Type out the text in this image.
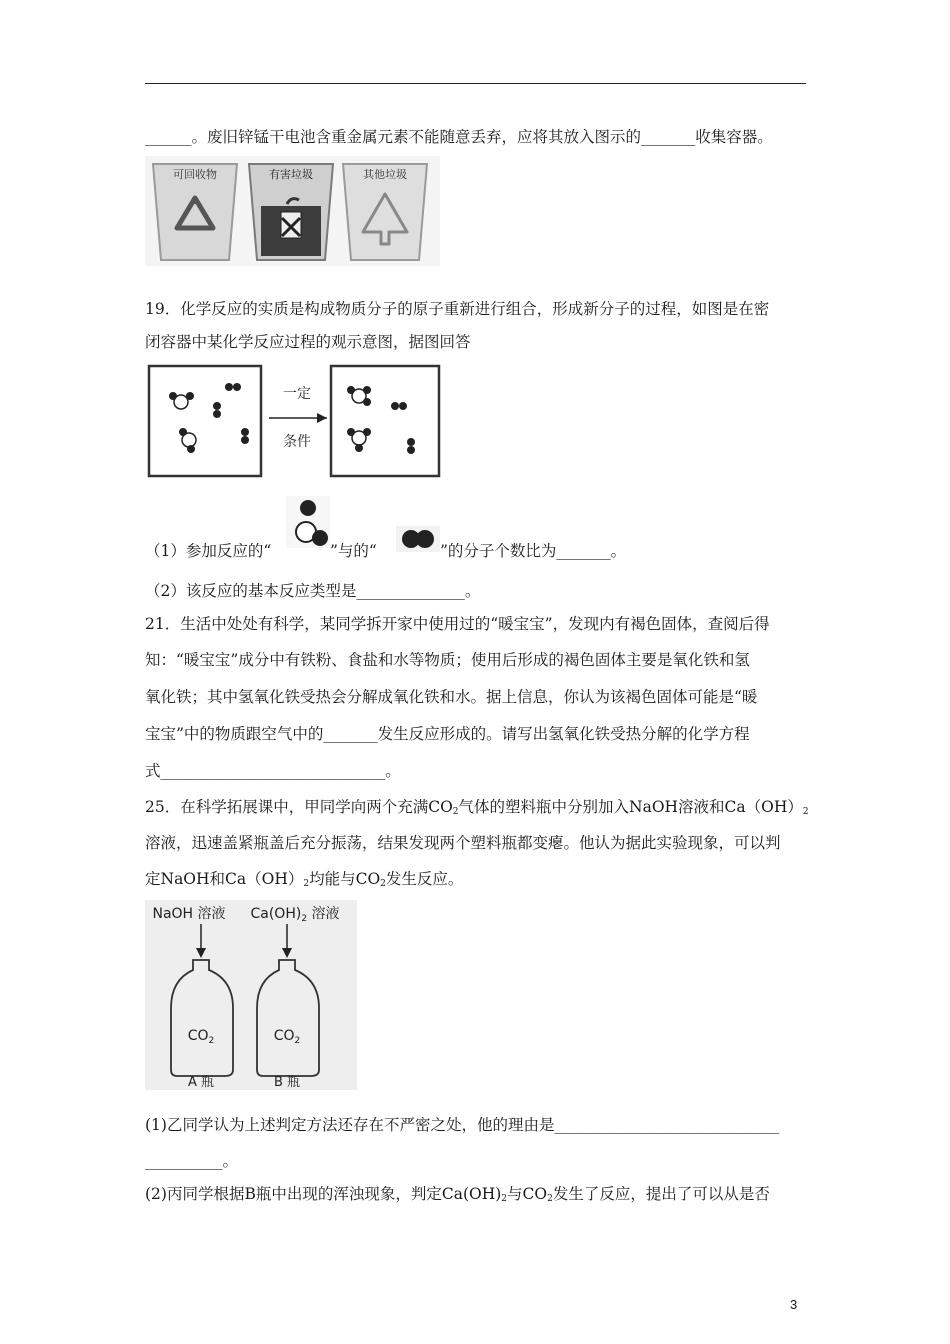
______。废旧锌锰干电池含重金属元素不能随意丢弃，应将其放入图示的_______收集容器。
可回收物	有害垃圾	其他垃圾
19．化学反应的实质是构成物质分子的原子重新进行组合，形成新分子的过程，如图是在密
闭容器中某化学反应过程的观示意图，据图回答
一定
条件
（1）参加反应的“	”与的“	”的分子个数比为_______。
（2）该反应的基本反应类型是______________。
21．生活中处处有科学，某同学拆开家中使用过的“暖宝宝”，发现内有褐色固体，查阅后得
知：“暖宝宝”成分中有铁粉、食盐和水等物质；使用后形成的褐色固体主要是氧化铁和氢
氧化铁；其中氢氧化铁受热会分解成氧化铁和水。据上信息，你认为该褐色固体可能是“暖
宝宝”中的物质跟空气中的_______发生反应形成的。请写出氢氧化铁受热分解的化学方程
式_____________________________。
25．在科学拓展课中，甲同学向两个充满$CO_2$气体的塑料瓶中分别加入NaOH溶液和$Ca(OH)_2$
溶液，迅速盖紧瓶盖后充分振荡，结果发现两个塑料瓶都变瘪。他认为据此实验现象，可以判
定NaOH和$Ca(OH)_2$均能与$CO_2$发生反应。
NaOH 溶液 $Ca(OH)_2$ 溶液
$CO_2$	$CO_2$
A 瓶	B 瓶
(1)乙同学认为上述判定方法还存在不严密之处，他的理由是_____________________________
__________。
(2)丙同学根据B瓶中出现的浑浊现象，判定$Ca(OH)_2$与$CO_2$发生了反应，提出了可以从是否
3
